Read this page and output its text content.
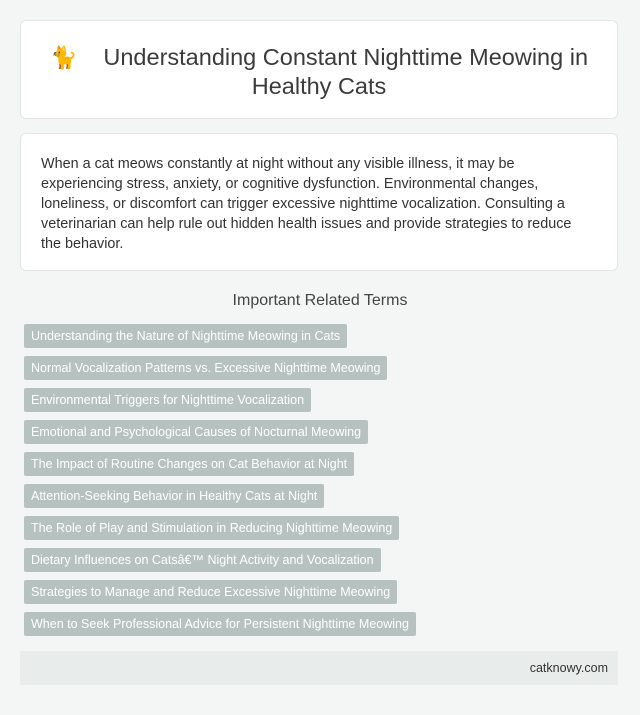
🐈 Understanding Constant Nighttime Meowing in
Healthy Cats

When a cat meows constantly at night without any visible illness, it may be experiencing stress, anxiety, or cognitive dysfunction. Environmental changes, loneliness, or discomfort can trigger excessive nighttime vocalization. Consulting a veterinarian can help rule out hidden health issues and provide strategies to reduce the behavior.

Important Related Terms
Understanding the Nature of Nighttime Meowing in Cats
Normal Vocalization Patterns vs. Excessive Nighttime Meowing
Environmental Triggers for Nighttime Vocalization
Emotional and Psychological Causes of Nocturnal Meowing
The Impact of Routine Changes on Cat Behavior at Night
Attention-Seeking Behavior in Healthy Cats at Night
The Role of Play and Stimulation in Reducing Nighttime Meowing
Dietary Influences on Catsâ€™ Night Activity and Vocalization
Strategies to Manage and Reduce Excessive Nighttime Meowing
When to Seek Professional Advice for Persistent Nighttime Meowing
catknowy.com
